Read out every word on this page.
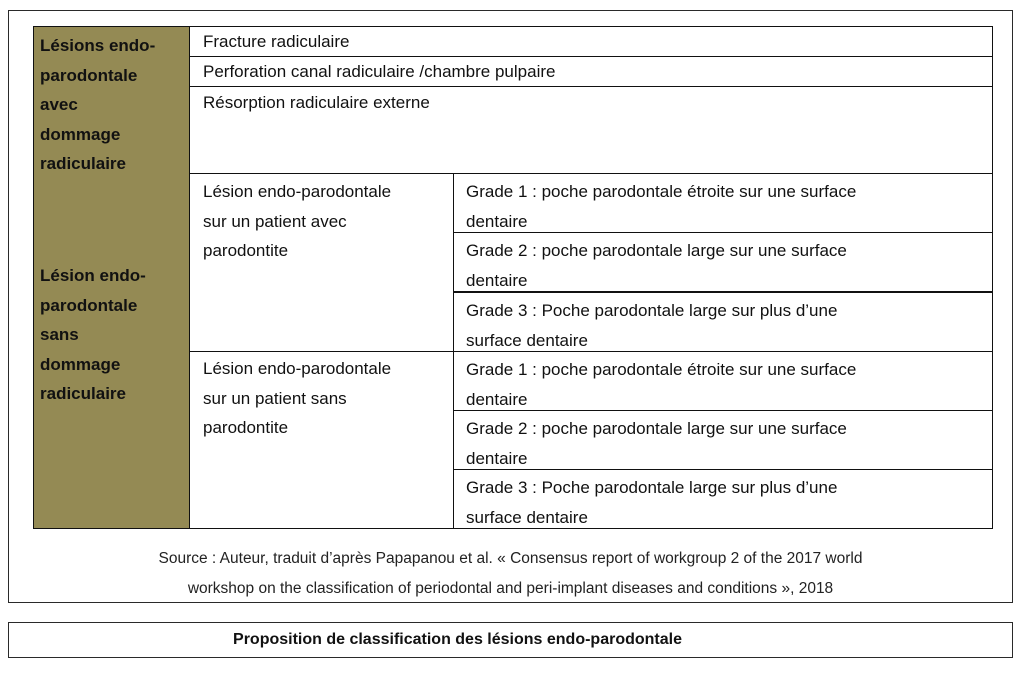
Lésions endo-
parodontale
avec
dommage
radiculaire
Lésion endo-
parodontale
sans
dommage
radiculaire
Fracture radiculaire
Perforation canal radiculaire /chambre pulpaire
Résorption radiculaire externe
Lésion endo-parodontale
sur un patient avec
parodontite
Lésion endo-parodontale
sur un patient sans
parodontite
Grade 1 : poche parodontale étroite sur une surface
dentaire
Grade 2 : poche parodontale large sur une surface
dentaire
Grade 3 : Poche parodontale large sur plus d’une
surface dentaire
Grade 1 : poche parodontale étroite sur une surface
dentaire
Grade 2 : poche parodontale large sur une surface
dentaire
Grade 3 : Poche parodontale large sur plus d’une
surface dentaire
Source : Auteur, traduit d’après Papapanou et al. « Consensus report of workgroup 2 of the 2017 world
workshop on the classification of periodontal and peri-implant diseases and conditions », 2018
Proposition de classification des lésions endo-parodontale
